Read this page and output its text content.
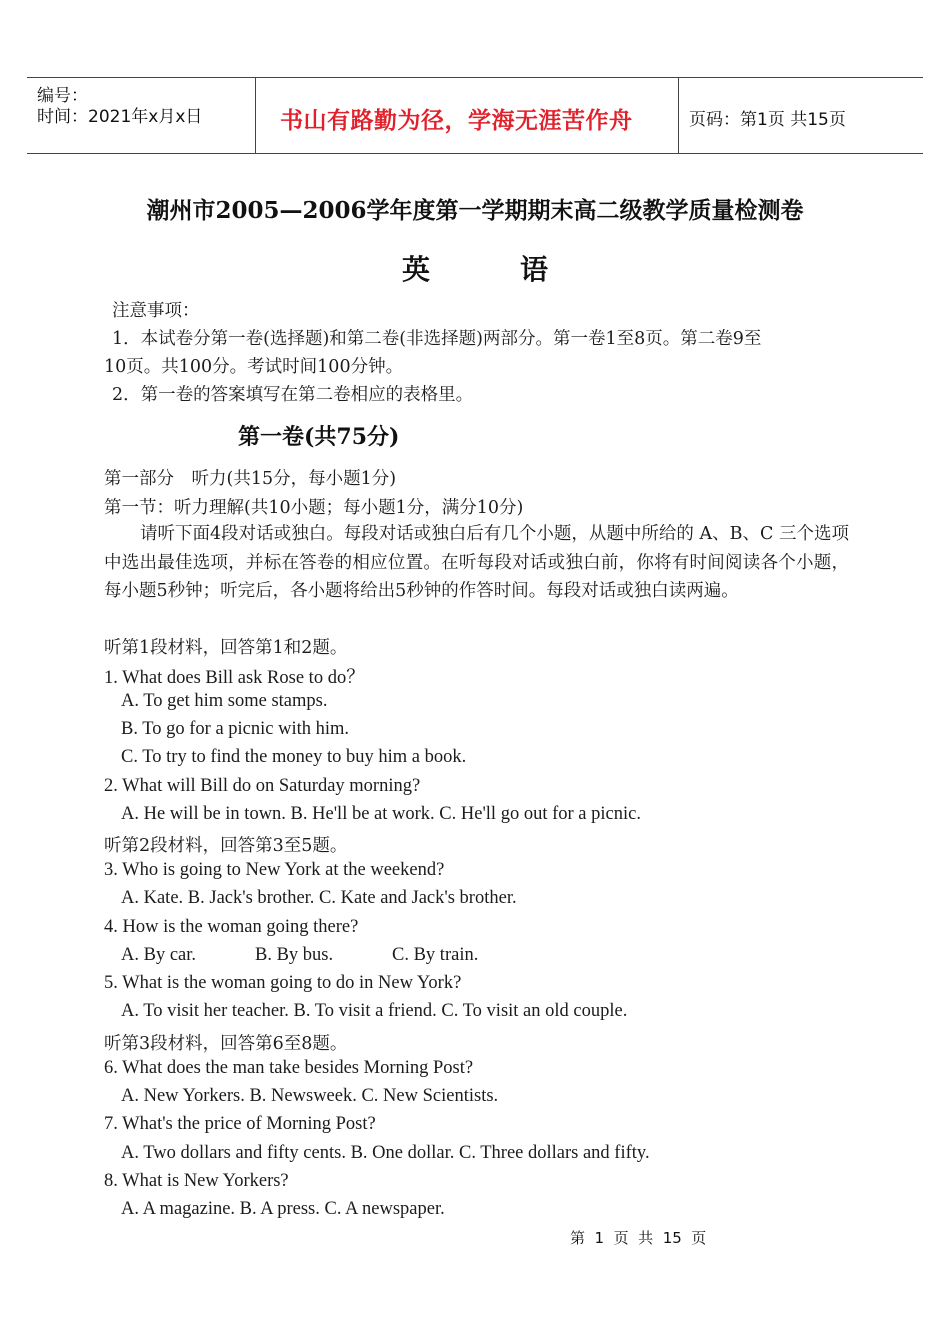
编号：
时间：2021年x月x日	书山有路勤为径，学海无涯苦作舟	页码：第1页 共15页
潮州市2005—2006学年度第一学期期末高二级教学质量检测卷
英语
注意事项：
1．本试卷分第一卷(选择题)和第二卷(非选择题)两部分。第一卷1至8页。第二卷9至
10页。共100分。考试时间100分钟。
2．第一卷的答案填写在第二卷相应的表格里。
第一卷(共75分)
第一部分　听力(共15分，每小题1分)
第一节：听力理解(共10小题；每小题1分，满分10分)
请听下面4段对话或独白。每段对话或独白后有几个小题，从题中所给的 A、B、C 三个选项中选出最佳选项，并标在答卷的相应位置。在听每段对话或独白前，你将有时间阅读各个小题，每小题5秒钟；听完后，各小题将给出5秒钟的作答时间。每段对话或独白读两遍。
听第1段材料，回答第1和2题。
1. What does Bill ask Rose to do？
A. To get him some stamps.
B. To go for a picnic with him.
C. To try to find the money to buy him a book.
2. What will Bill do on Saturday morning?
A. He will be in town. B. He'll be at work. C. He'll go out for a picnic.
听第2段材料，回答第3至5题。
3. Who is going to New York at the weekend?
A. Kate. B. Jack's brother. C. Kate and Jack's brother.
4. How is the woman going there?
A. By car.	B. By bus.	C. By train.
5. What is the woman going to do in New York?
A. To visit her teacher. B. To visit a friend. C. To visit an old couple.
听第3段材料，回答第6至8题。
6. What does the man take besides Morning Post?
A. New Yorkers. B. Newsweek. C. New Scientists.
7. What's the price of Morning Post?
A. Two dollars and fifty cents. B. One dollar. C. Three dollars and fifty.
8. What is New Yorkers?
A. A magazine. B. A press. C. A newspaper.
第  1  页  共  15  页
